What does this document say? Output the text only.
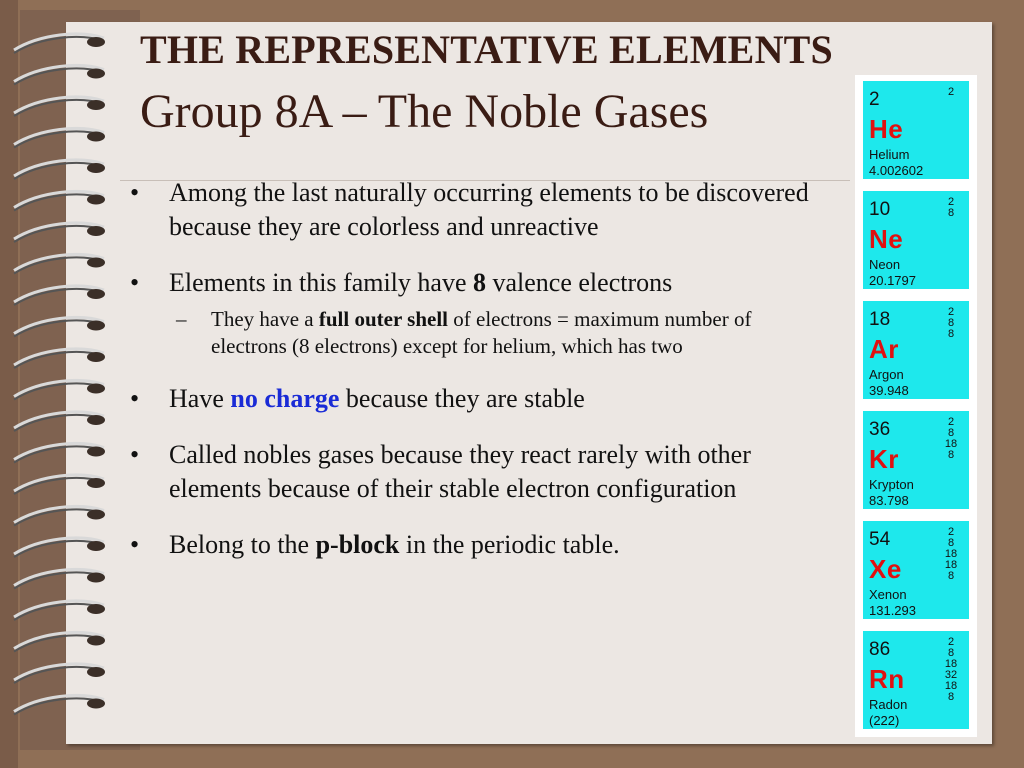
THE REPRESENTATIVE ELEMENTS
Group 8A – The Noble Gases
• Among the last naturally occurring elements to be discovered because they are colorless and unreactive
• Elements in this family have 8 valence electrons
– They have a full outer shell of electrons = maximum number of electrons (8 electrons) except for helium, which has two
• Have no charge because they are stable
• Called nobles gases because they react rarely with other elements because of their stable electron configuration
• Belong to the p-block in the periodic table.
2
He
Helium
4.002602
2
10
Ne
Neon
20.1797
2
8
18
Ar
Argon
39.948
2
8
8
36
Kr
Krypton
83.798
2
8
18
8
54
Xe
Xenon
131.293
2
8
18
18
8
86
Rn
Radon
(222)
2
8
18
32
18
8
